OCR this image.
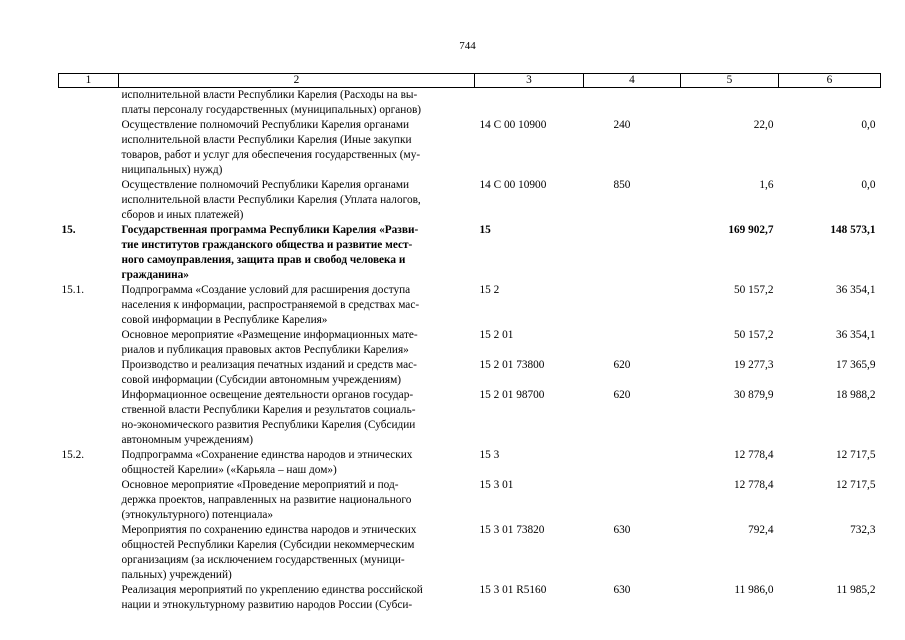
744
1	2	3	4	5	6
	исполнительной власти Республики Карелия (Расходы на вы-
платы персоналу государственных (муниципальных) органов)				
	Осуществление полномочий Республики Карелия органами
исполнительной власти Республики Карелия (Иные закупки
товаров, работ и услуг для обеспечения государственных (му-
ниципальных) нужд)	14 С 00 10900	240	22,0	0,0
	Осуществление полномочий Республики Карелия органами
исполнительной власти Республики Карелия (Уплата налогов,
сборов и иных платежей)	14 С 00 10900	850	1,6	0,0
15.	Государственная программа Республики Карелия «Разви-
тие институтов гражданского общества и развитие мест-
ного самоуправления, защита прав и свобод человека и
гражданина»	15		169 902,7	148 573,1
15.1.	Подпрограмма «Создание условий для расширения доступа
населения к информации, распространяемой в средствах мас-
совой информации в Республике Карелия»	15 2		50 157,2	36 354,1
	Основное мероприятие «Размещение информационных мате-
риалов и публикация правовых актов Республики Карелия»	15 2 01		50 157,2	36 354,1
	Производство и реализация печатных изданий и средств мас-
совой информации (Субсидии автономным учреждениям)	15 2 01 73800	620	19 277,3	17 365,9
	Информационное освещение деятельности органов государ-
ственной власти Республики Карелия и результатов социаль-
но-экономического развития Республики Карелия (Субсидии
автономным учреждениям)	15 2 01 98700	620	30 879,9	18 988,2
15.2.	Подпрограмма «Сохранение единства народов и этнических
общностей Карелии» («Карьяла – наш дом»)	15 3		12 778,4	12 717,5
	Основное мероприятие «Проведение мероприятий и под-
держка проектов, направленных на развитие национального
(этнокультурного) потенциала»	15 3 01		12 778,4	12 717,5
	Мероприятия по сохранению единства народов и этнических
общностей Республики Карелия (Субсидии некоммерческим
организациям (за исключением государственных (муници-
пальных) учреждений)	15 3 01 73820	630	792,4	732,3
	Реализация мероприятий по укреплению единства российской
нации и этнокультурному развитию народов России (Субси-	15 3 01 R5160	630	11 986,0	11 985,2
